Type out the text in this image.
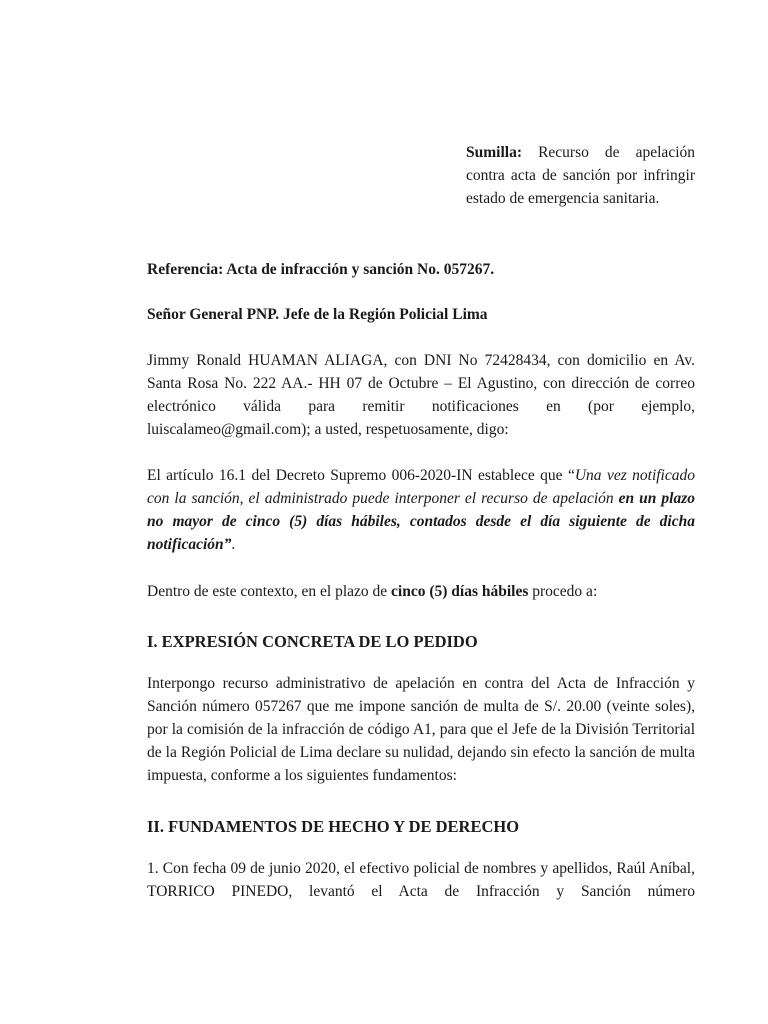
Sumilla: Recurso de apelación contra acta de sanción por infringir estado de emergencia sanitaria.
Referencia: Acta de infracción y sanción No. 057267.
Señor General PNP. Jefe de la Región Policial Lima
Jimmy Ronald HUAMAN ALIAGA, con DNI No 72428434, con domicilio en Av. Santa Rosa No. 222 AA.- HH 07 de Octubre – El Agustino, con dirección de correo electrónico válida para remitir notificaciones en (por ejemplo, luiscalameo@gmail.com); a usted, respetuosamente, digo:
El artículo 16.1 del Decreto Supremo 006-2020-IN establece que “Una vez notificado con la sanción, el administrado puede interponer el recurso de apelación en un plazo no mayor de cinco (5) días hábiles, contados desde el día siguiente de dicha notificación”.
Dentro de este contexto, en el plazo de cinco (5) días hábiles procedo a:
I. EXPRESIÓN CONCRETA DE LO PEDIDO
Interpongo recurso administrativo de apelación en contra del Acta de Infracción y Sanción número 057267 que me impone sanción de multa de S/. 20.00 (veinte soles), por la comisión de la infracción de código A1, para que el Jefe de la División Territorial de la Región Policial de Lima declare su nulidad, dejando sin efecto la sanción de multa impuesta, conforme a los siguientes fundamentos:
II. FUNDAMENTOS DE HECHO Y DE DERECHO
1. Con fecha 09 de junio 2020, el efectivo policial de nombres y apellidos, Raúl Aníbal, TORRICO PINEDO, levantó el Acta de Infracción y Sanción número
